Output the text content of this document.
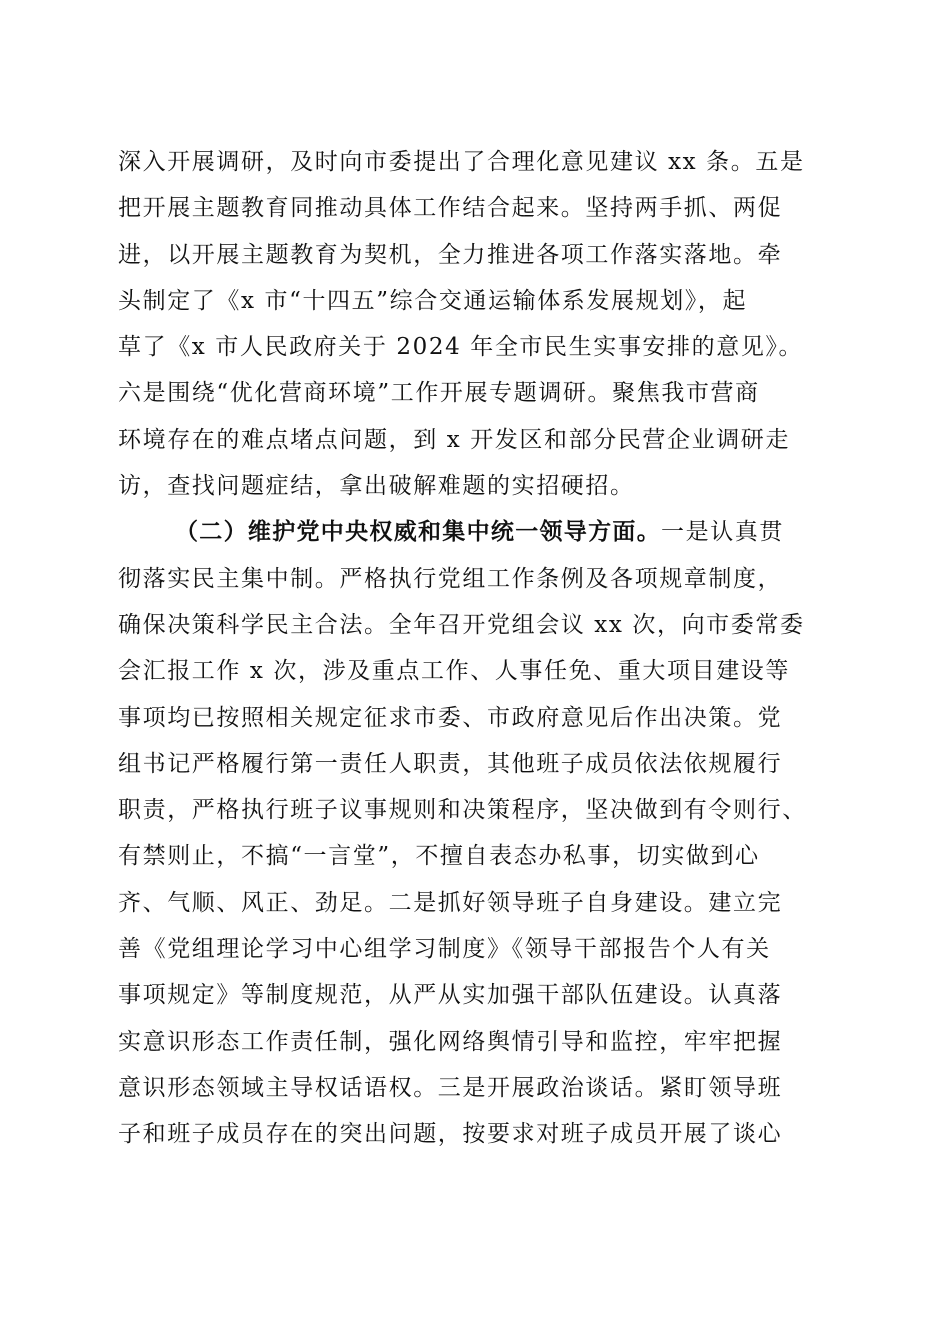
深入开展调研，及时向市委提出了合理化意见建议 xx 条。五是
把开展主题教育同推动具体工作结合起来。坚持两手抓、两促
进，以开展主题教育为契机，全力推进各项工作落实落地。牵
头制定了《x 市“十四五”综合交通运输体系发展规划》，起
草了《x 市人民政府关于 2024 年全市民生实事安排的意见》。
六是围绕“优化营商环境”工作开展专题调研。聚焦我市营商
环境存在的难点堵点问题，到 x 开发区和部分民营企业调研走
访，查找问题症结，拿出破解难题的实招硬招。
（二）维护党中央权威和集中统一领导方面。一是认真贯
彻落实民主集中制。严格执行党组工作条例及各项规章制度，
确保决策科学民主合法。全年召开党组会议 xx 次，向市委常委
会汇报工作 x 次，涉及重点工作、人事任免、重大项目建设等
事项均已按照相关规定征求市委、市政府意见后作出决策。党
组书记严格履行第一责任人职责，其他班子成员依法依规履行
职责，严格执行班子议事规则和决策程序，坚决做到有令则行、
有禁则止，不搞“一言堂”，不擅自表态办私事，切实做到心
齐、气顺、风正、劲足。二是抓好领导班子自身建设。建立完
善《党组理论学习中心组学习制度》《领导干部报告个人有关
事项规定》等制度规范，从严从实加强干部队伍建设。认真落
实意识形态工作责任制，强化网络舆情引导和监控，牢牢把握
意识形态领域主导权话语权。三是开展政治谈话。紧盯领导班
子和班子成员存在的突出问题，按要求对班子成员开展了谈心
